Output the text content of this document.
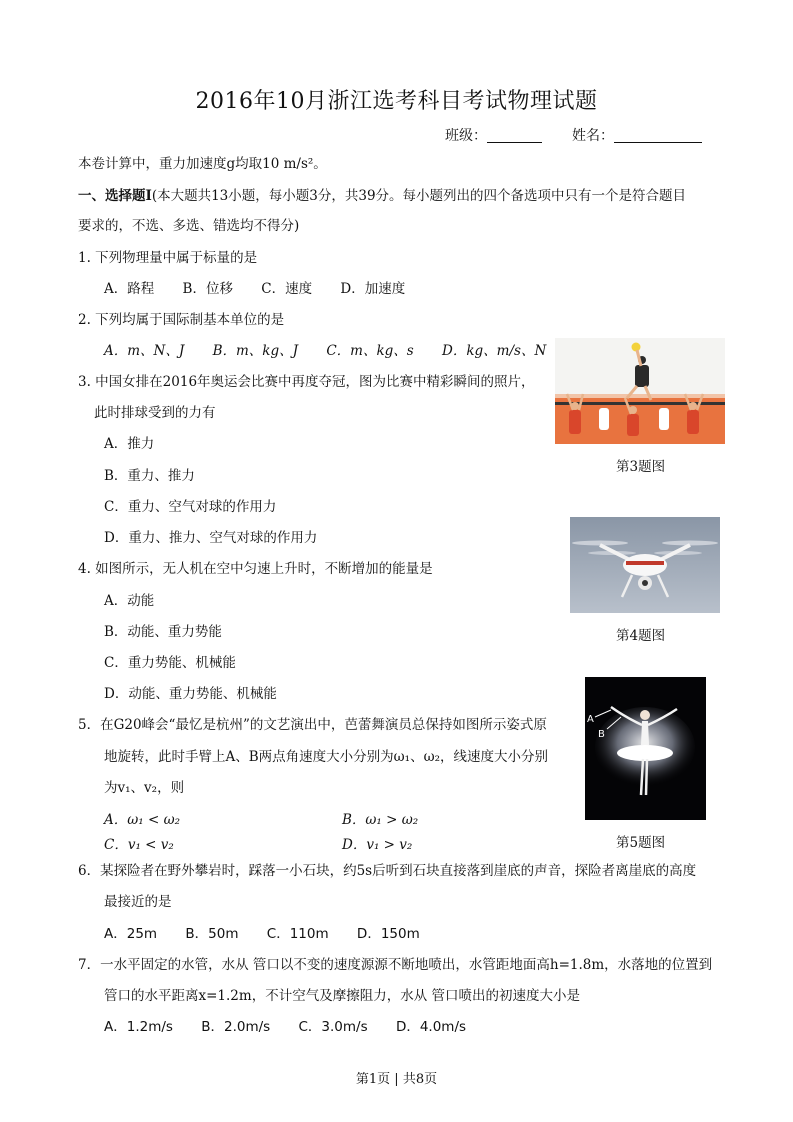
2016年10月浙江选考科目考试物理试题
班级：	姓名：
本卷计算中，重力加速度g均取10 m/s²。
一、选择题Ⅰ(本大题共13小题，每小题3分，共39分。每小题列出的四个备选项中只有一个是符合题目
要求的，不选、多选、错选均不得分)
1. 下列物理量中属于标量的是
A．路程 B．位移 C．速度 D．加速度
2. 下列均属于国际制基本单位的是
A．m、N、J B．m、kg、J C．m、kg、s D．kg、m/s、N
3. 中国女排在2016年奥运会比赛中再度夺冠，图为比赛中精彩瞬间的照片，
此时排球受到的力有
A．推力
B．重力、推力
C．重力、空气对球的作用力
D．重力、推力、空气对球的作用力
第3题图
4. 如图所示，无人机在空中匀速上升时，不断增加的能量是
A．动能
B．动能、重力势能
C．重力势能、机械能
D．动能、重力势能、机械能
第4题图
5．在G20峰会“最忆是杭州”的文艺演出中，芭蕾舞演员总保持如图所示姿式原
地旋转，此时手臂上A、B两点角速度大小分别为ω₁、ω₂，线速度大小分别
为v₁、v₂，则
A．ω₁ < ω₂	B．ω₁ > ω₂
C．v₁ < v₂	D．v₁ > v₂
A
B
第5题图
6．某探险者在野外攀岩时，踩落一小石块，约5s后听到石块直接落到崖底的声音，探险者离崖底的高度
最接近的是
A．25m B．50m C．110m D．150m
7．一水平固定的水管，水从 管口以不变的速度源源不断地喷出，水管距地面高h=1.8m，水落地的位置到
管口的水平距离x=1.2m，不计空气及摩擦阻力，水从 管口喷出的初速度大小是
A．1.2m/s B．2.0m/s C．3.0m/s D．4.0m/s
第1页 | 共8页
